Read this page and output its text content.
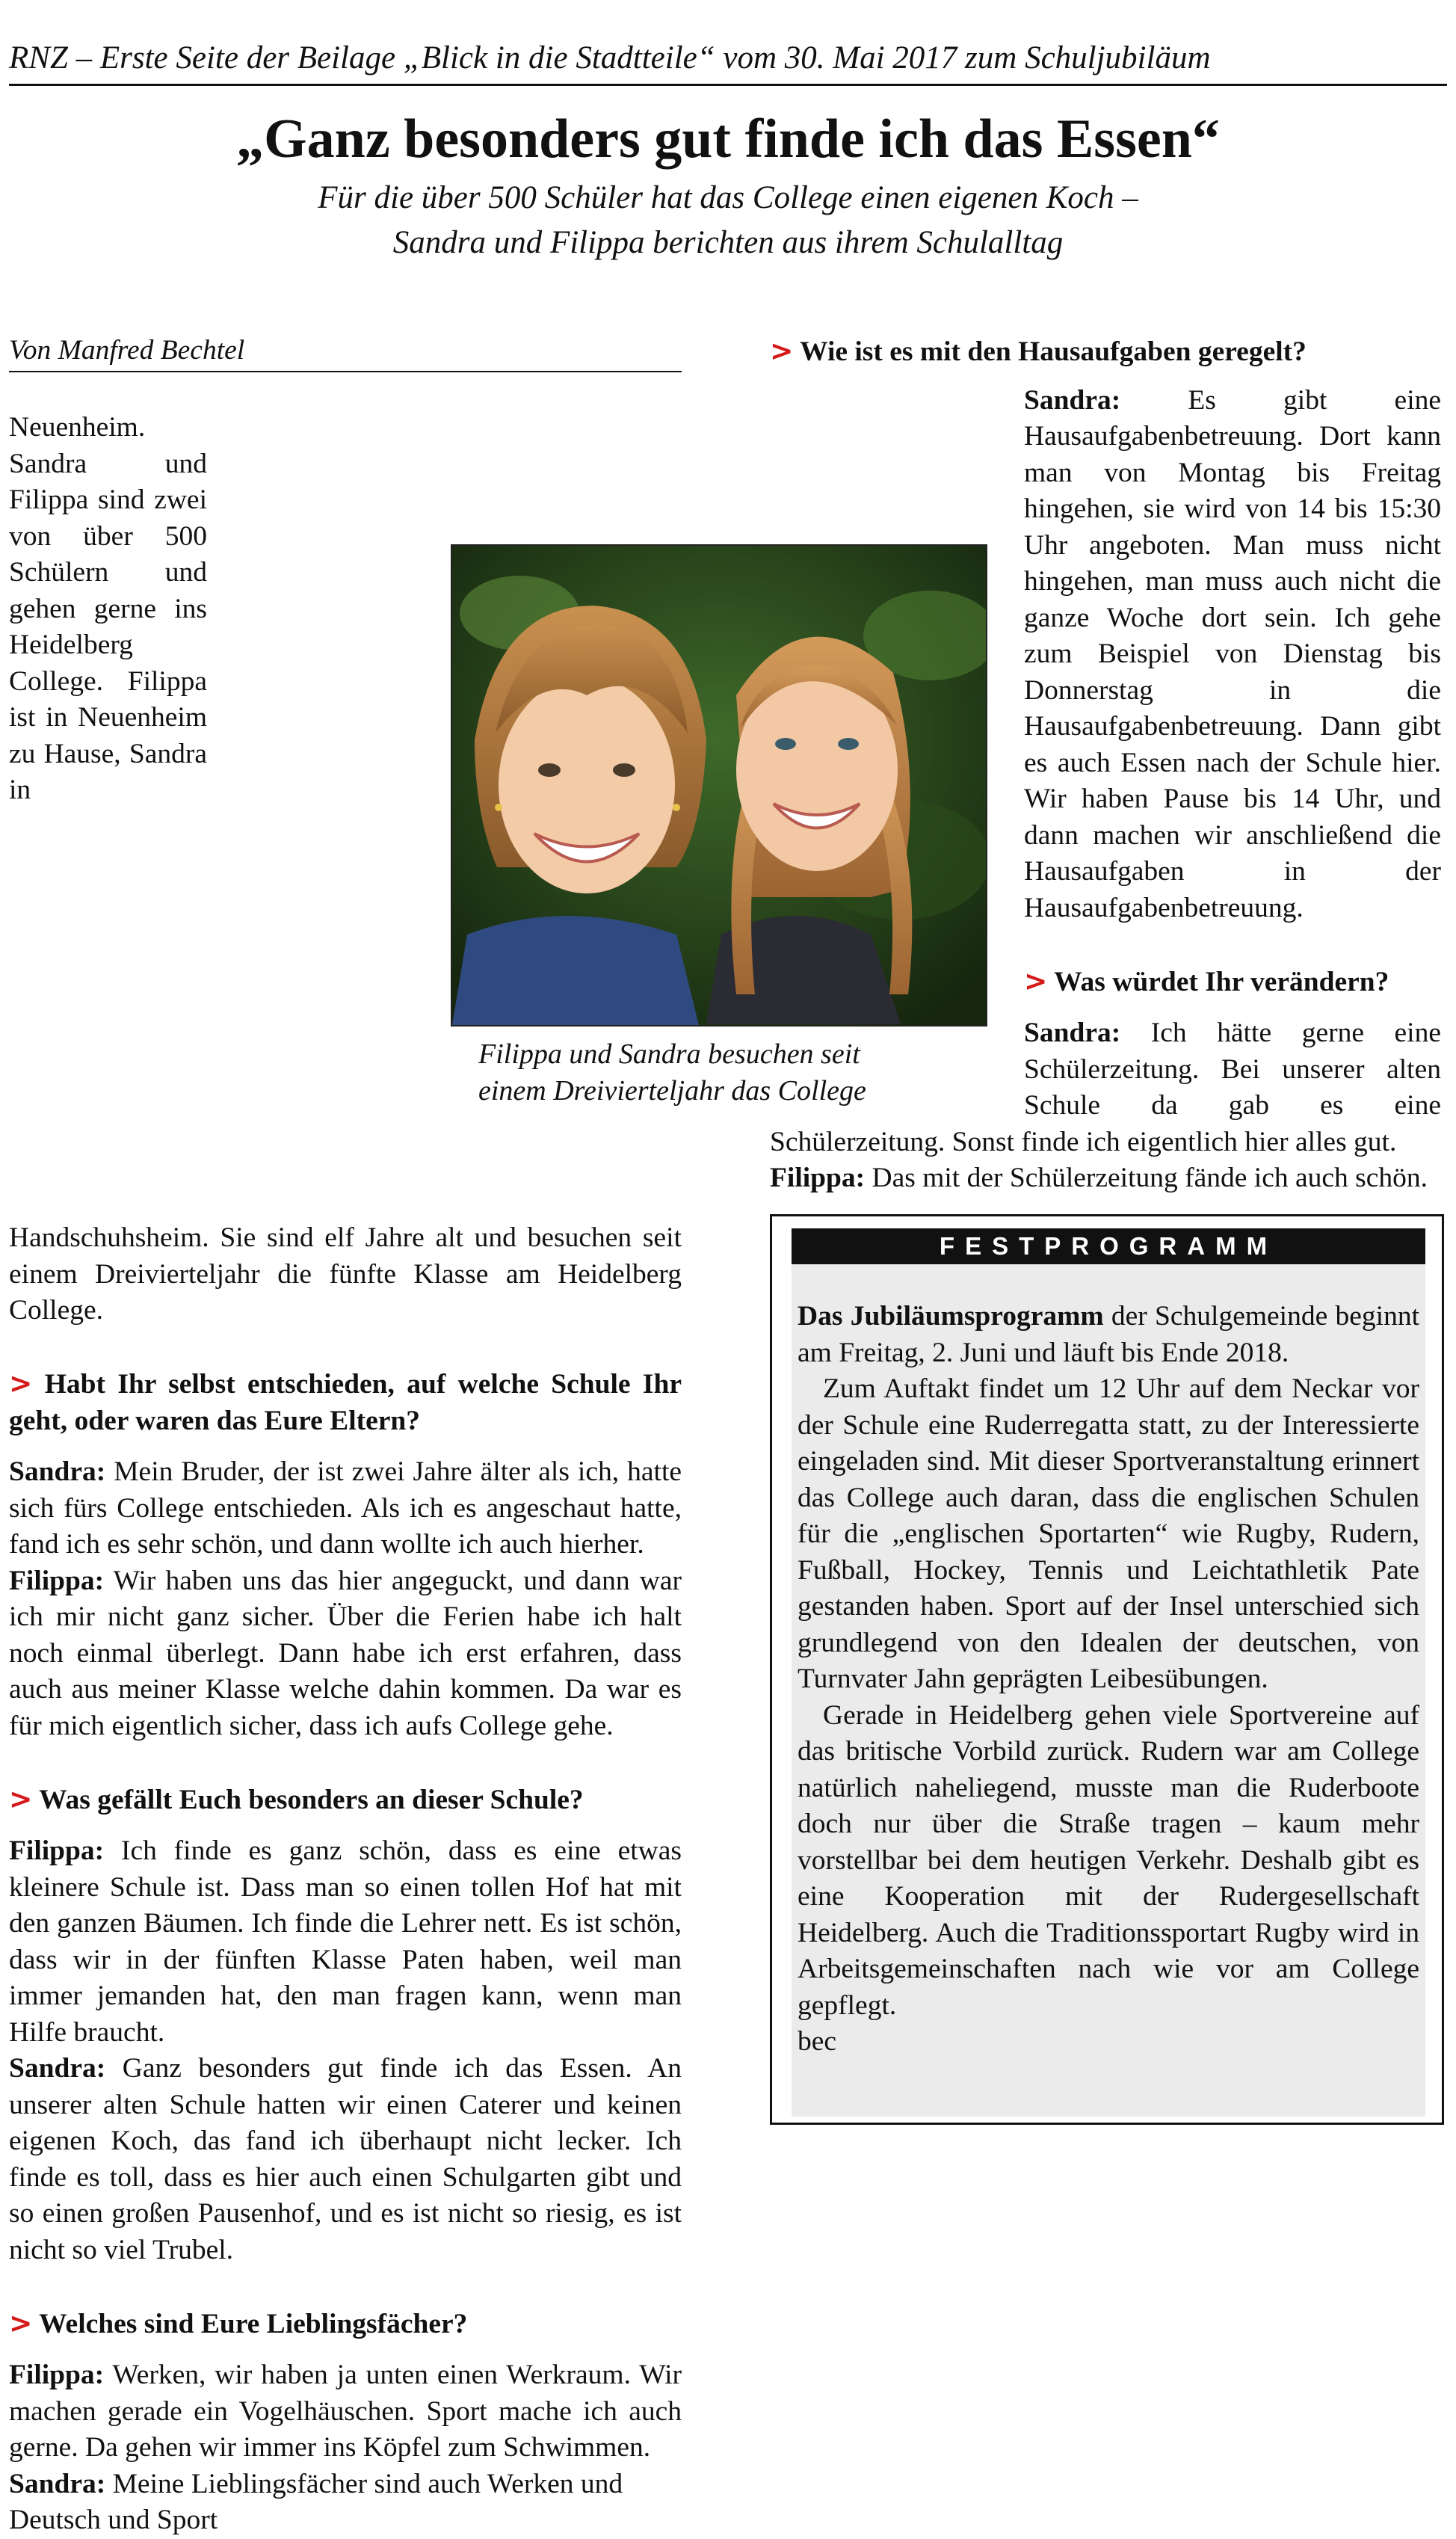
RNZ – Erste Seite der Beilage „Blick in die Stadtteile“ vom 30. Mai 2017 zum Schuljubiläum
„Ganz besonders gut finde ich das Essen“
Für die über 500 Schüler hat das College einen eigenen Koch –
Sandra und Filippa berichten aus ihrem Schulalltag
Von Manfred Bechtel

Neuenheim. Sandra und Filippa sind zwei von über 500 Schülern und gehen gerne ins Heidelberg College. Filippa ist in Neuenheim zu Hause, Sandra in Handschuhsheim. Sie sind elf Jahre alt und besuchen seit einem Dreivierteljahr die fünfte Klasse am Heidelberg College.

> Habt Ihr selbst entschieden, auf welche Schule Ihr geht, oder waren das Eure Eltern?

Sandra: Mein Bruder, der ist zwei Jahre älter als ich, hatte sich fürs College entschieden. Als ich es angeschaut hatte, fand ich es sehr schön, und dann wollte ich auch hierher.

Filippa: Wir haben uns das hier angeguckt, und dann war ich mir nicht ganz sicher. Über die Ferien habe ich halt noch einmal überlegt. Dann habe ich erst erfahren, dass auch aus meiner Klasse welche dahin kommen. Da war es für mich eigentlich sicher, dass ich aufs College gehe.

> Was gefällt Euch besonders an dieser Schule?

Filippa: Ich finde es ganz schön, dass es eine etwas kleinere Schule ist. Dass man so einen tollen Hof hat mit den ganzen Bäumen. Ich finde die Lehrer nett. Es ist schön, dass wir in der fünften Klasse Paten haben, weil man immer jemanden hat, den man fragen kann, wenn man Hilfe braucht.

Sandra: Ganz besonders gut finde ich das Essen. An unserer alten Schule hatten wir einen Caterer und keinen eigenen Koch, das fand ich überhaupt nicht lecker. Ich finde es toll, dass es hier auch einen Schulgarten gibt und so einen großen Pausenhof, und es ist nicht so riesig, es ist nicht so viel Trubel.

> Welches sind Eure Lieblingsfächer?

Filippa: Werken, wir haben ja unten einen Werkraum. Wir machen gerade ein Vogelhäuschen. Sport mache ich auch gerne. Da gehen wir immer ins Köpfel zum Schwimmen.

Sandra: Meine Lieblingsfächer sind auch Werken und Deutsch und Sport

> Wie ist es mit den Hausaufgaben geregelt?

Sandra: Es gibt eine Hausaufgabenbetreuung. Dort kann man von Montag bis Freitag hingehen, sie wird von 14 bis 15:30 Uhr angeboten. Man muss nicht hingehen, man muss auch nicht die ganze Woche dort sein. Ich gehe zum Beispiel von Dienstag bis Donnerstag in die Hausaufgabenbetreuung. Dann gibt es auch Essen nach der Schule hier. Wir haben Pause bis 14 Uhr, und dann machen wir anschließend die Hausaufgaben in der Hausaufgabenbetreuung.

> Was würdet Ihr verändern?

Sandra: Ich hätte gerne eine Schülerzeitung. Bei unserer alten Schule da gab es eine Schülerzeitung. Sonst finde ich eigentlich hier alles gut.

Filippa: Das mit der Schülerzeitung fände ich auch schön.

Filippa und Sandra besuchen seit
einem Dreivierteljahr das College
FESTPROGRAMM

Das Jubiläumsprogramm der Schulgemeinde beginnt am Freitag, 2. Juni und läuft bis Ende 2018.

Zum Auftakt findet um 12 Uhr auf dem Neckar vor der Schule eine Ruderregatta statt, zu der Interessierte eingeladen sind. Mit dieser Sportveranstaltung erinnert das College auch daran, dass die englischen Schulen für die „englischen Sportarten“ wie Rugby, Rudern, Fußball, Hockey, Tennis und Leichtathletik Pate gestanden haben. Sport auf der Insel unterschied sich grundlegend von den Idealen der deutschen, von Turnvater Jahn geprägten Leibesübungen.

Gerade in Heidelberg gehen viele Sportvereine auf das britische Vorbild zurück. Rudern war am College natürlich naheliegend, musste man die Ruderboote doch nur über die Straße tragen – kaum mehr vorstellbar bei dem heutigen Verkehr. Deshalb gibt es eine Kooperation mit der Rudergesellschaft Heidelberg. Auch die Traditionssportart Rugby wird in Arbeitsgemeinschaften nach wie vor am College gepflegt.

bec
